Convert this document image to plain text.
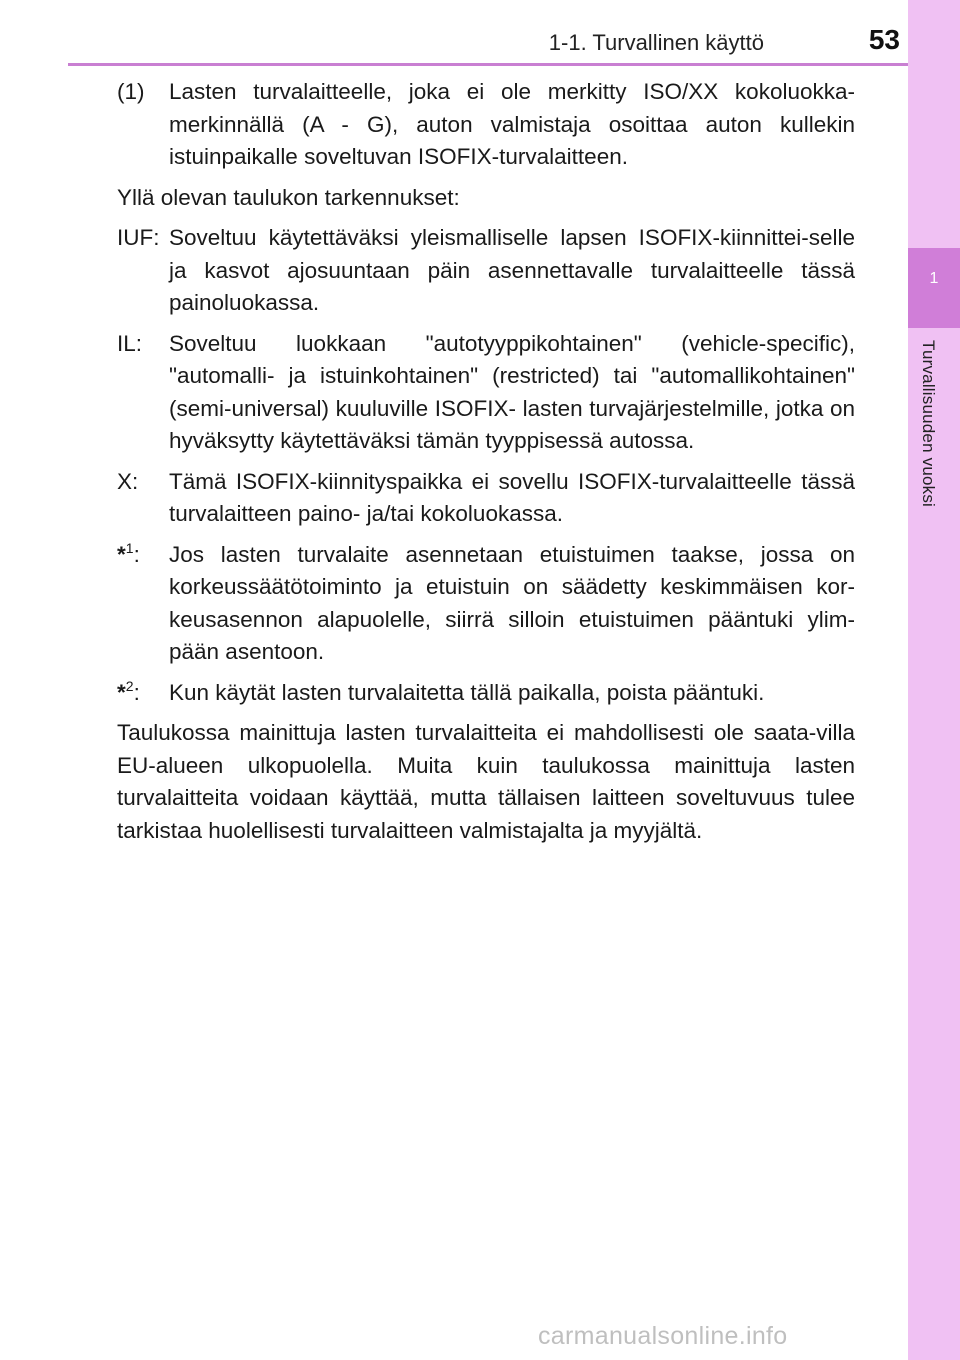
1
Turvallisuuden vuoksi
1-1. Turvallinen käyttö	53
(1)	Lasten turvalaitteelle, joka ei ole merkitty ISO/XX kokoluokka-merkinnällä (A - G), auton valmistaja osoittaa auton kullekin istuinpaikalle soveltuvan ISOFIX-turvalaitteen.

Yllä olevan taulukon tarkennukset:

IUF: Soveltuu käytettäväksi yleismalliselle lapsen ISOFIX-kiinnittei-selle ja kasvot ajosuuntaan päin asennettavalle turvalaitteelle tässä painoluokassa.
IL:	Soveltuu luokkaan "autotyyppikohtainen" (vehicle-specific), "automalli- ja istuinkohtainen" (restricted) tai "automallikohtainen" (semi-universal) kuuluville ISOFIX- lasten turvajärjestelmille, jotka on hyväksytty käytettäväksi tämän tyyppisessä autossa.
X:	Tämä ISOFIX-kiinnityspaikka ei sovellu ISOFIX-turvalaitteelle tässä turvalaitteen paino- ja/tai kokoluokassa.
*$^1$:	Jos lasten turvalaite asennetaan etuistuimen taakse, jossa on korkeussäätötoiminto ja etuistuin on säädetty keskimmäisen kor-keusasennon alapuolelle, siirrä silloin etuistuimen pääntuki ylim-pään asentoon.
*$^2$:	Kun käytät lasten turvalaitetta tällä paikalla, poista pääntuki.

Taulukossa mainittuja lasten turvalaitteita ei mahdollisesti ole saata-villa EU-alueen ulkopuolella. Muita kuin taulukossa mainittuja lasten turvalaitteita voidaan käyttää, mutta tällaisen laitteen soveltuvuus tulee tarkistaa huolellisesti turvalaitteen valmistajalta ja myyjältä.

carmanualsonline.info
